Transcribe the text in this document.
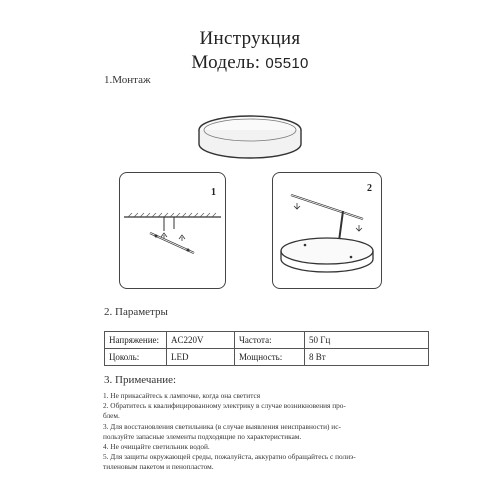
Инструкция
Модель: 05510
1.Монтаж
1	2
2. Параметры
Напряжение:	AC220V	Частота:	50 Гц
Цоколь:	LED	Мощность:	8 Вт
3. Примечание:
1. Не прикасайтесь к лампочке, когда она светится
2. Обратитесь к квалифицированному электрику в случае возникновения про-
блем.
3. Для восстановления светильника (в случае выявления неисправности) ис-
пользуйте запасные элементы подходящие по характеристикам.
4. Не очищайте светильник водой.
5. Для защиты окружающей среды, пожалуйста, аккуратно обращайтесь с полиэ-
тиленовым пакетом и пенопластом.
